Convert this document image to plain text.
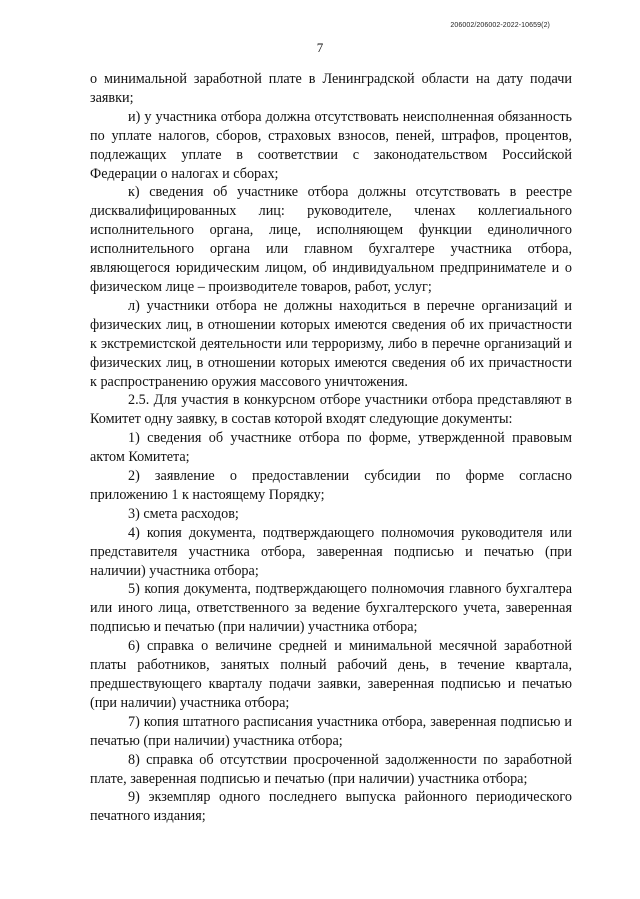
206002/206002-2022-10659(2)
7

о минимальной заработной плате в Ленинградской области на дату подачи заявки;

и) у участника отбора должна отсутствовать неисполненная обязанность по уплате налогов, сборов, страховых взносов, пеней, штрафов, процентов, подлежащих уплате в соответствии с законодательством Российской Федерации о налогах и сборах;

к) сведения об участнике отбора должны отсутствовать в реестре дисквалифицированных лиц: руководителе, членах коллегиального исполнительного органа, лице, исполняющем функции единоличного исполнительного органа или главном бухгалтере участника отбора, являющегося юридическим лицом, об индивидуальном предпринимателе и о физическом лице – производителе товаров, работ, услуг;

л) участники отбора не должны находиться в перечне организаций и физических лиц, в отношении которых имеются сведения об их причастности к экстремистской деятельности или терроризму, либо в перечне организаций и физических лиц, в отношении которых имеются сведения об их причастности к распространению оружия массового уничтожения.

2.5. Для участия в конкурсном отборе участники отбора представляют в Комитет одну заявку, в состав которой входят следующие документы:

1) сведения об участнике отбора по форме, утвержденной правовым актом Комитета;

2) заявление о предоставлении субсидии по форме согласно приложению 1 к настоящему Порядку;

3) смета расходов;

4) копия документа, подтверждающего полномочия руководителя или представителя участника отбора, заверенная подписью и печатью (при наличии) участника отбора;

5) копия документа, подтверждающего полномочия главного бухгалтера или иного лица, ответственного за ведение бухгалтерского учета, заверенная подписью и печатью (при наличии) участника отбора;

6) справка о величине средней и минимальной месячной заработной платы работников, занятых полный рабочий день, в течение квартала, предшествующего кварталу подачи заявки, заверенная подписью и печатью (при наличии) участника отбора;

7) копия штатного расписания участника отбора, заверенная подписью и печатью (при наличии) участника отбора;

8) справка об отсутствии просроченной задолженности по заработной плате, заверенная подписью и печатью (при наличии) участника отбора;

9) экземпляр одного последнего выпуска районного периодического печатного издания;
